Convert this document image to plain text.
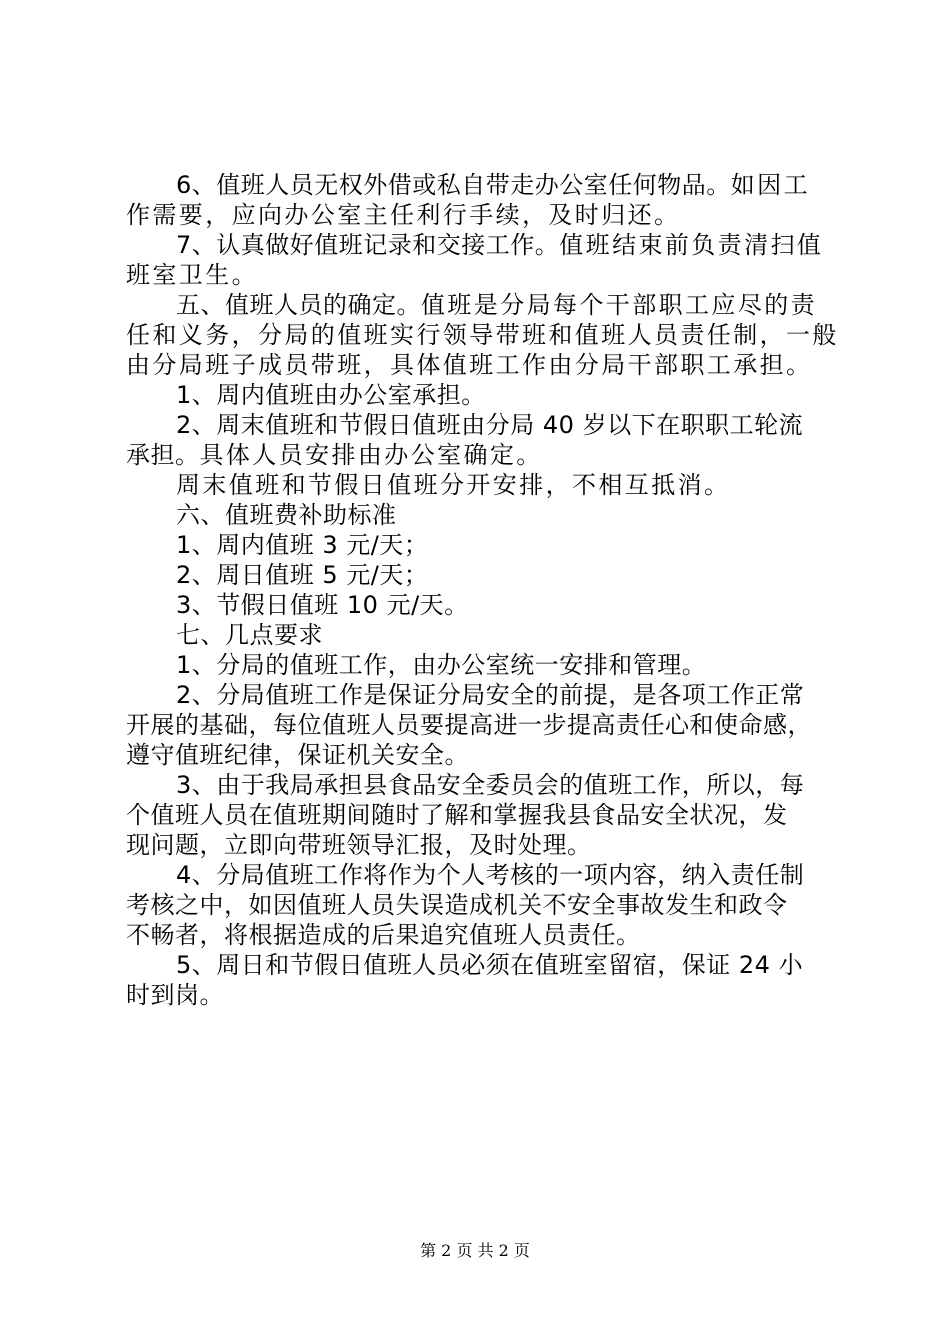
6、值班人员无权外借或私自带走办公室任何物品。如因工
作需要，应向办公室主任利行手续，及时归还。
7、认真做好值班记录和交接工作。值班结束前负责清扫值
班室卫生。
五、值班人员的确定。值班是分局每个干部职工应尽的责
任和义务，分局的值班实行领导带班和值班人员责任制，一般
由分局班子成员带班，具体值班工作由分局干部职工承担。
1、周内值班由办公室承担。
2、周末值班和节假日值班由分局 40 岁以下在职职工轮流
承担。具体人员安排由办公室确定。
周末值班和节假日值班分开安排，不相互抵消。
六、值班费补助标准
1、周内值班 3 元/天；
2、周日值班 5 元/天；
3、节假日值班 10 元/天。
七、几点要求
1、分局的值班工作，由办公室统一安排和管理。
2、分局值班工作是保证分局安全的前提，是各项工作正常
开展的基础，每位值班人员要提高进一步提高责任心和使命感，
遵守值班纪律，保证机关安全。
3、由于我局承担县食品安全委员会的值班工作，所以，每
个值班人员在值班期间随时了解和掌握我县食品安全状况，发
现问题，立即向带班领导汇报，及时处理。
4、分局值班工作将作为个人考核的一项内容，纳入责任制
考核之中，如因值班人员失误造成机关不安全事故发生和政令
不畅者，将根据造成的后果追究值班人员责任。
5、周日和节假日值班人员必须在值班室留宿，保证 24 小
时到岗。
第 2 页 共 2 页
